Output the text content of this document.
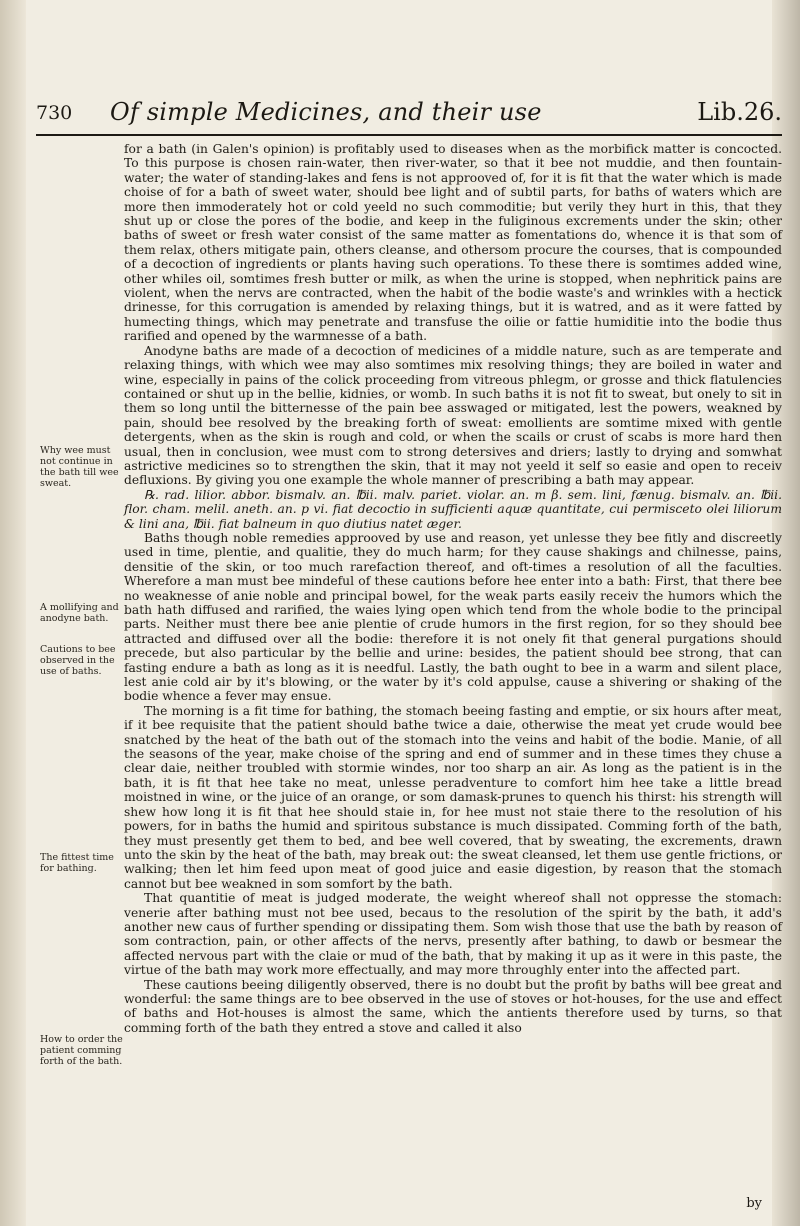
730 Of simple Medicines, and their use	Lib.26.
Why wee must not continue in the bath till wee sweat.
A mollifying and anodyne bath.
Cautions to bee observed in the use of baths.
The fittest time for bathing.
How to order the patient comming forth of the bath.

for a bath (in Galen's opinion) is profitably used to diseases when as the morbifick matter is concocted. To this purpose is chosen rain-water, then river-water, so that it bee not muddie, and then fountain-water; the water of standing-lakes and fens is not approoved of, for it is fit that the water which is made choise of for a bath of sweet water, should bee light and of subtil parts, for baths of waters which are more then immoderately hot or cold yeeld no such commoditie; but verily they hurt in this, that they shut up or close the pores of the bodie, and keep in the fuliginous excrements under the skin; other baths of sweet or fresh water consist of the same matter as fomentations do, whence it is that som of them relax, others mitigate pain, others cleanse, and othersom procure the courses, that is compounded of a decoction of ingredients or plants having such operations. To these there is somtimes added wine, other whiles oil, somtimes fresh butter or milk, as when the urine is stopped, when nephritick pains are violent, when the nervs are contracted, when the habit of the bodie waste's and wrinkles with a hectick drinesse, for this corrugation is amended by relaxing things, but it is watred, and as it were fatted by humecting things, which may penetrate and transfuse the oilie or fattie humiditie into the bodie thus rarified and opened by the warmnesse of a bath.

Anodyne baths are made of a decoction of medicines of a middle nature, such as are temperate and relaxing things, with which wee may also somtimes mix resolving things; they are boiled in water and wine, especially in pains of the colick proceeding from vitreous phlegm, or grosse and thick flatulencies contained or shut up in the bellie, kidnies, or womb. In such baths it is not fit to sweat, but onely to sit in them so long until the bitternesse of the pain bee asswaged or mitigated, lest the powers, weakned by pain, should bee resolved by the breaking forth of sweat: emollients are somtime mixed with gentle detergents, when as the skin is rough and cold, or when the scails or crust of scabs is more hard then usual, then in conclusion, wee must com to strong detersives and driers; lastly to drying and somwhat astrictive medicines so to strengthen the skin, that it may not yeeld it self so easie and open to receiv defluxions. By giving you one example the whole manner of prescribing a bath may appear.

℞. rad. lilior. abbor. bismalv. an. ℔ii. malv. pariet. violar. an. m β. sem. lini, fænug. bismalv. an. ℔ii. flor. cham. melil. aneth. an. p vi. fiat decoctio in sufficienti aquæ quantitate, cui permisceto olei liliorum & lini ana, ℔ii. fiat balneum in quo diutius natet æger.

Baths though noble remedies approoved by use and reason, yet unlesse they bee fitly and discreetly used in time, plentie, and qualitie, they do much harm; for they cause shakings and chilnesse, pains, densitie of the skin, or too much rarefaction thereof, and oft-times a resolution of all the faculties. Wherefore a man must bee mindeful of these cautions before hee enter into a bath: First, that there bee no weaknesse of anie noble and principal bowel, for the weak parts easily receiv the humors which the bath hath diffused and rarified, the waies lying open which tend from the whole bodie to the principal parts. Neither must there bee anie plentie of crude humors in the first region, for so they should bee attracted and diffused over all the bodie: therefore it is not onely fit that general purgations should precede, but also particular by the bellie and urine: besides, the patient should bee strong, that can fasting endure a bath as long as it is needful. Lastly, the bath ought to bee in a warm and silent place, lest anie cold air by it's blowing, or the water by it's cold appulse, cause a shivering or shaking of the bodie whence a fever may ensue.

The morning is a fit time for bathing, the stomach beeing fasting and emptie, or six hours after meat, if it bee requisite that the patient should bathe twice a daie, otherwise the meat yet crude would bee snatched by the heat of the bath out of the stomach into the veins and habit of the bodie. Manie, of all the seasons of the year, make choise of the spring and end of summer and in these times they chuse a clear daie, neither troubled with stormie windes, nor too sharp an air. As long as the patient is in the bath, it is fit that hee take no meat, unlesse peradventure to comfort him hee take a little bread moistned in wine, or the juice of an orange, or som damask-prunes to quench his thirst: his strength will shew how long it is fit that hee should staie in, for hee must not staie there to the resolution of his powers, for in baths the humid and spiritous substance is much dissipated. Comming forth of the bath, they must presently get them to bed, and bee well covered, that by sweating, the excrements, drawn unto the skin by the heat of the bath, may break out: the sweat cleansed, let them use gentle frictions, or walking; then let him feed upon meat of good juice and easie digestion, by reason that the stomach cannot but bee weakned in som somfort by the bath.

That quantitie of meat is judged moderate, the weight whereof shall not oppresse the stomach: venerie after bathing must not bee used, becaus to the resolution of the spirit by the bath, it add's another new caus of further spending or dissipating them. Som wish those that use the bath by reason of som contraction, pain, or other affects of the nervs, presently after bathing, to dawb or besmear the affected nervous part with the claie or mud of the bath, that by making it up as it were in this paste, the virtue of the bath may work more effectually, and may more throughly enter into the affected part.

These cautions beeing diligently observed, there is no doubt but the profit by baths will bee great and wonderful: the same things are to bee observed in the use of stoves or hot-houses, for the use and effect of baths and Hot-houses is almost the same, which the antients therefore used by turns, so that comming forth of the bath they entred a stove and called it also

by
